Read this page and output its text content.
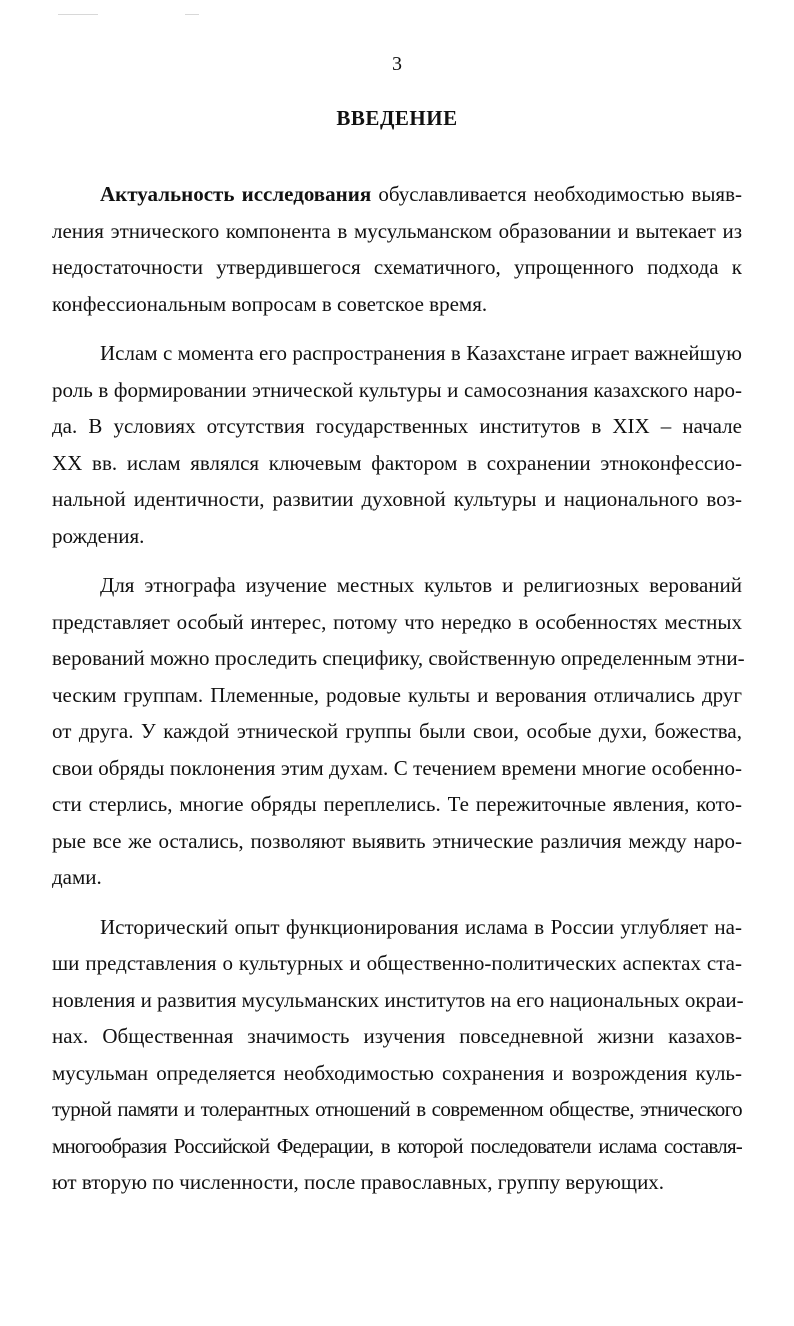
3

ВВЕДЕНИЕ
Актуальность исследования обуславливается необходимостью выяв-
ления этнического компонента в мусульманском образовании и вытекает из
недостаточности утвердившегося схематичного, упрощенного подхода к
конфессиональным вопросам в советское время.
Ислам с момента его распространения в Казахстане играет важнейшую
роль в формировании этнической культуры и самосознания казахского наро-
да. В условиях отсутствия государственных институтов в XIX – начале
XX вв. ислам являлся ключевым фактором в сохранении этноконфессио-
нальной идентичности, развитии духовной культуры и национального воз-
рождения.
Для этнографа изучение местных культов и религиозных верований
представляет особый интерес, потому что нередко в особенностях местных
верований можно проследить специфику, свойственную определенным этни-
ческим группам. Племенные, родовые культы и верования отличались друг
от друга. У каждой этнической группы были свои, особые духи, божества,
свои обряды поклонения этим духам. С течением времени многие особенно-
сти стерлись, многие обряды переплелись. Те пережиточные явления, кото-
рые все же остались, позволяют выявить этнические различия между наро-
дами.
Исторический опыт функционирования ислама в России углубляет на-
ши представления о культурных и общественно-политических аспектах ста-
новления и развития мусульманских институтов на его национальных окраи-
нах. Общественная значимость изучения повседневной жизни казахов-
мусульман определяется необходимостью сохранения и возрождения куль-
турной памяти и толерантных отношений в современном обществе, этнического
многообразия Российской Федерации, в которой последователи ислама составля-
ют вторую по численности, после православных, группу верующих.
